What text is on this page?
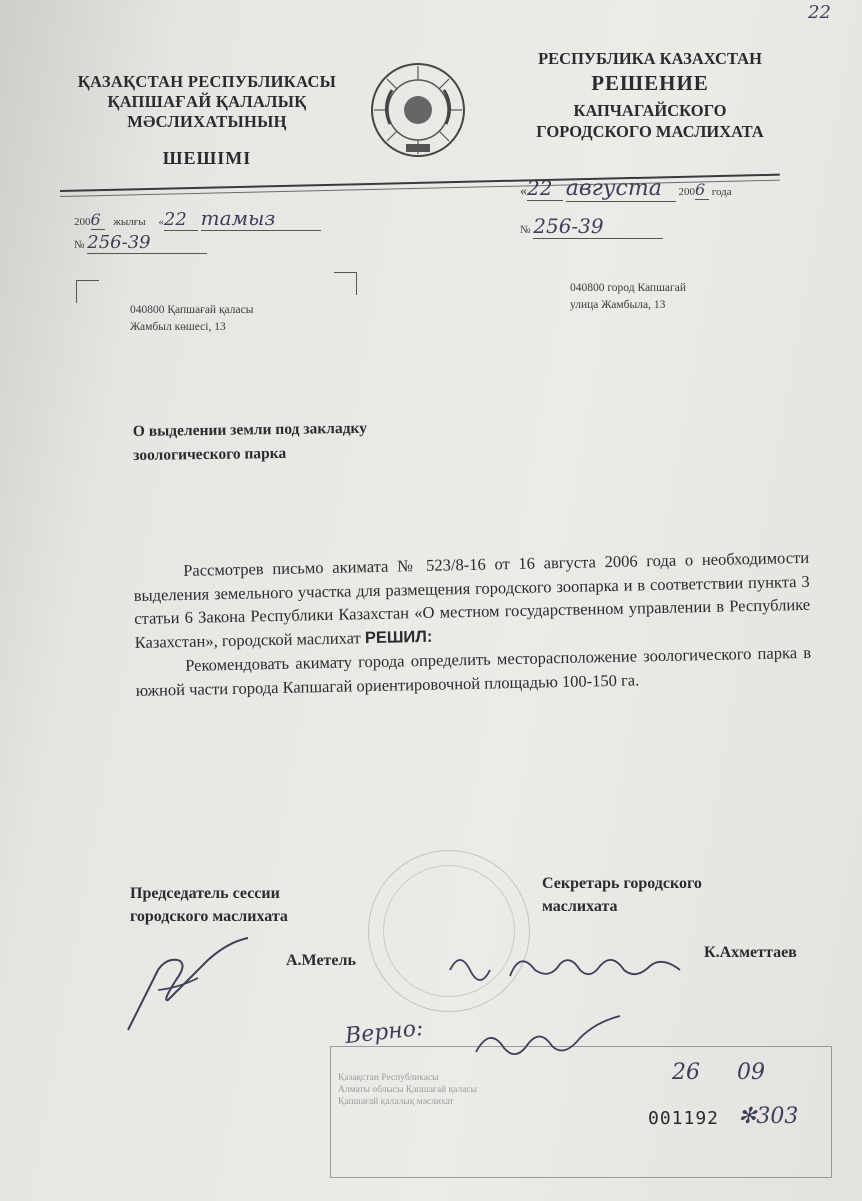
22
ҚАЗАҚСТАН РЕСПУБЛИКАСЫ
ҚАПШАҒАЙ ҚАЛАЛЫҚ
МӘСЛИХАТЫНЫҢ
ШЕШІМІ
РЕСПУБЛИКА КАЗАХСТАН
РЕШЕНИЕ
КАПЧАГАЙСКОГО
ГОРОДСКОГО МАСЛИХАТА
2006 жылғы «22 тамыз
№ 256-39
«22 августа 2006 года
№ 256-39
040800 Қапшағай қаласы
Жамбыл көшесі, 13
040800 город Капшагай
улица Жамбыла, 13
О выделении земли под закладку
зоологического парка

Рассмотрев письмо акимата № 523/8-16 от 16 августа 2006 года о необходимости выделения земельного участка для размещения городского зоопарка и в соответствии пункта 3 статьи 6 Закона Республики Казахстан «О местном государственном управлении в Республике Казахстан», городской маслихат РЕШИЛ:

Рекомендовать акимату города определить месторасположение зоологического парка в южной части города Капшагай ориентировочной площадью 100-150 га.

Председатель сессии
городского маслихата
Секретарь городского
маслихата
А.Метель	К.Ахметтаев
Қазақстан Республикасы
Алматы облысы Қапшағай қаласы
Қапшағай қалалық мәслихат
Верно:
26 09
001192 ✻303
